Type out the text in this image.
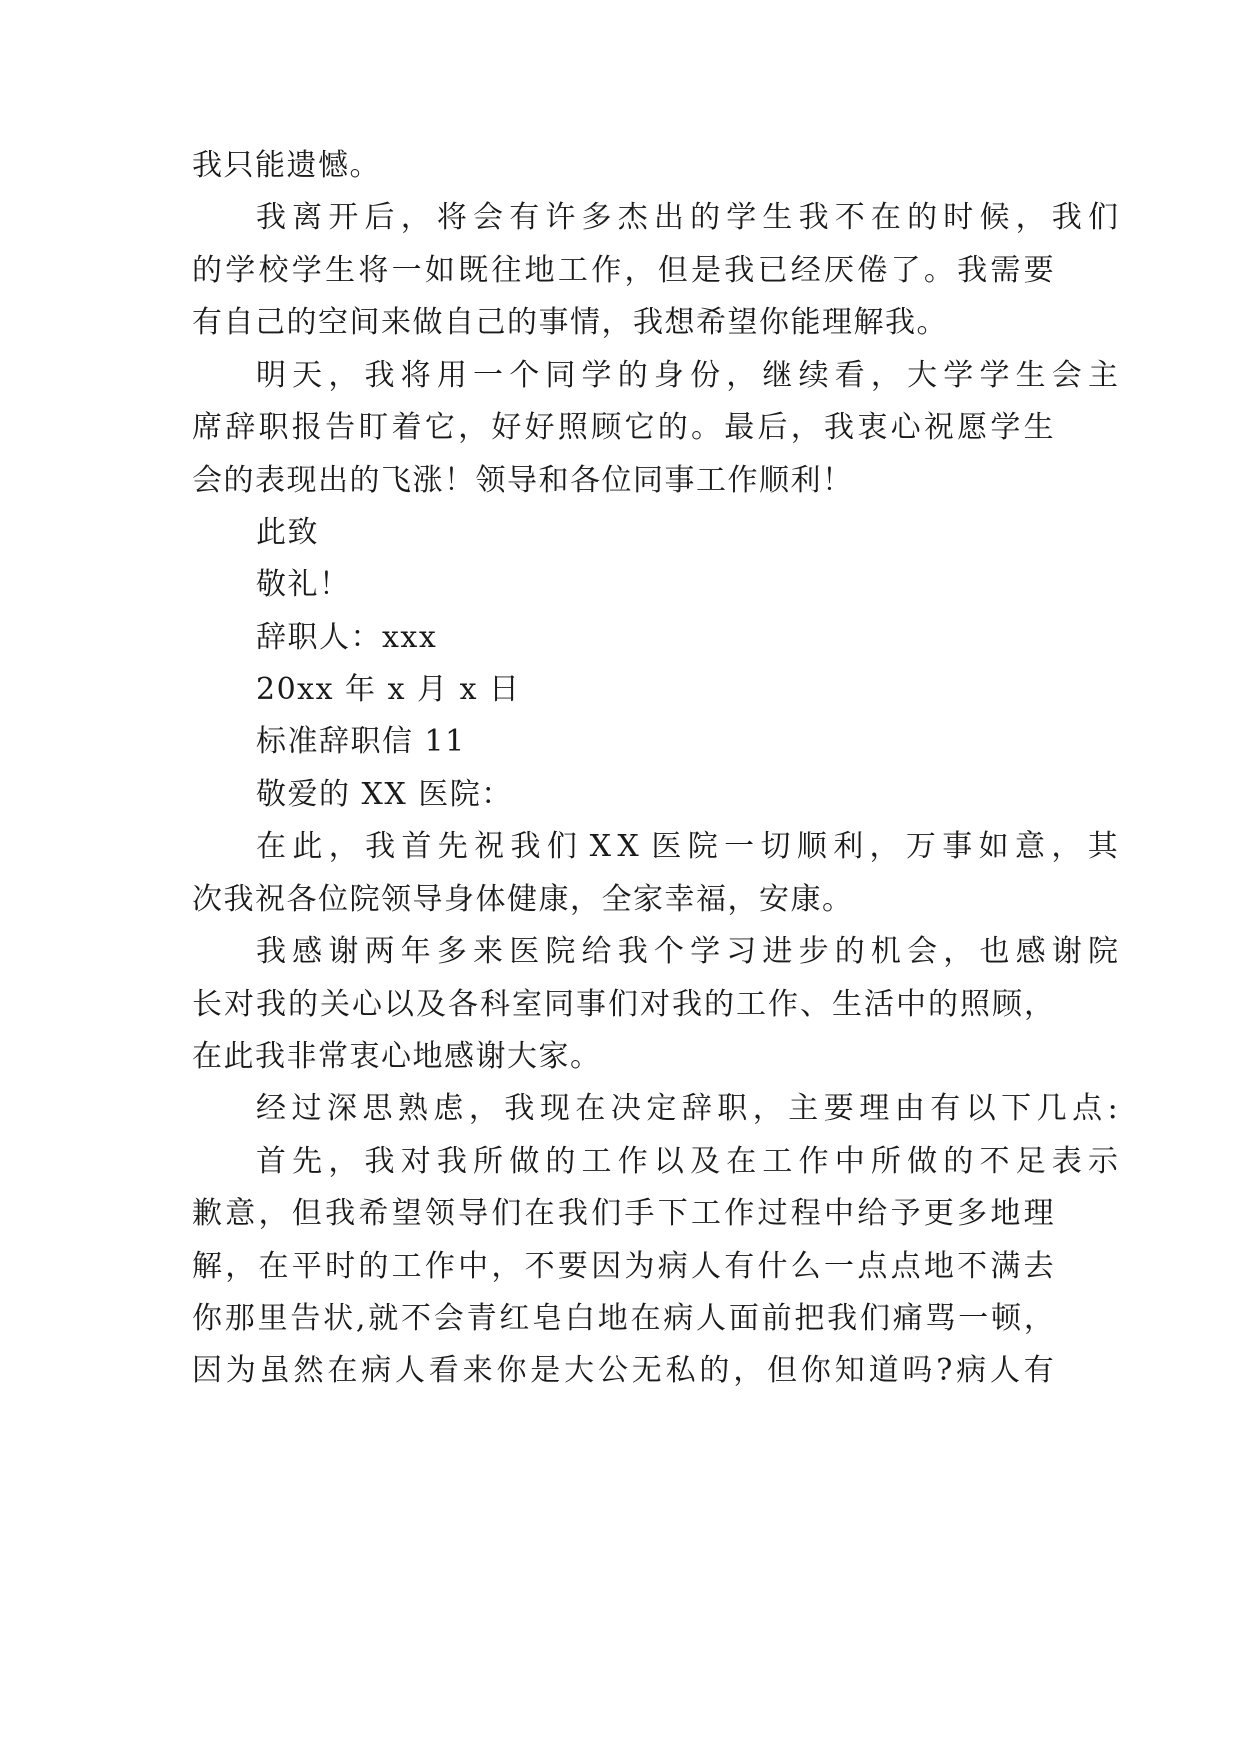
我只能遗憾。
我 离 开 后 ， 将 会 有 许 多 杰 出 的 学 生 我 不 在 的 时 候 ， 我 们
的 学 校 学 生 将 一 如 既 往 地 工 作 ， 但 是 我 已 经 厌 倦 了 。 我 需 要
有自己的空间来做自己的事情，我想希望你能理解我。
明 天 ， 我 将 用 一 个 同 学 的 身 份 ， 继 续 看 ， 大 学 学 生 会 主
席 辞 职 报 告 盯 着 它 ， 好 好 照 顾 它 的 。 最 后 ， 我 衷 心 祝 愿 学 生
会的表现出的飞涨！领导和各位同事工作顺利！
此致
敬礼！
辞职人：xxx
20xx 年 x 月 x 日
标准辞职信 11
敬爱的 XX 医院：
在 此 ， 我 首 先 祝 我 们 X X 医 院 一 切 顺 利 ， 万 事 如 意 ， 其
次我祝各位院领导身体健康，全家幸福，安康。
我 感 谢 两 年 多 来 医 院 给 我 个 学 习 进 步 的 机 会 ， 也 感 谢 院
长 对 我 的 关 心 以 及 各 科 室 同 事 们 对 我 的 工 作 、 生 活 中 的 照 顾 ，
在此我非常衷心地感谢大家。
经 过 深 思 熟 虑 ， 我 现 在 决 定 辞 职 ， 主 要 理 由 有 以 下 几 点 :
首 先 ， 我 对 我 所 做 的 工 作 以 及 在 工 作 中 所 做 的 不 足 表 示
歉 意 ， 但 我 希 望 领 导 们 在 我 们 手 下 工 作 过 程 中 给 予 更 多 地 理
解 ， 在 平 时 的 工 作 中 ， 不 要 因 为 病 人 有 什 么 一 点 点 地 不 满 去
你 那 里 告 状 , 就 不 会 青 红 皂 白 地 在 病 人 面 前 把 我 们 痛 骂 一 顿 ，
因 为 虽 然 在 病 人 看 来 你 是 大 公 无 私 的 ， 但 你 知 道 吗 ? 病 人 有
